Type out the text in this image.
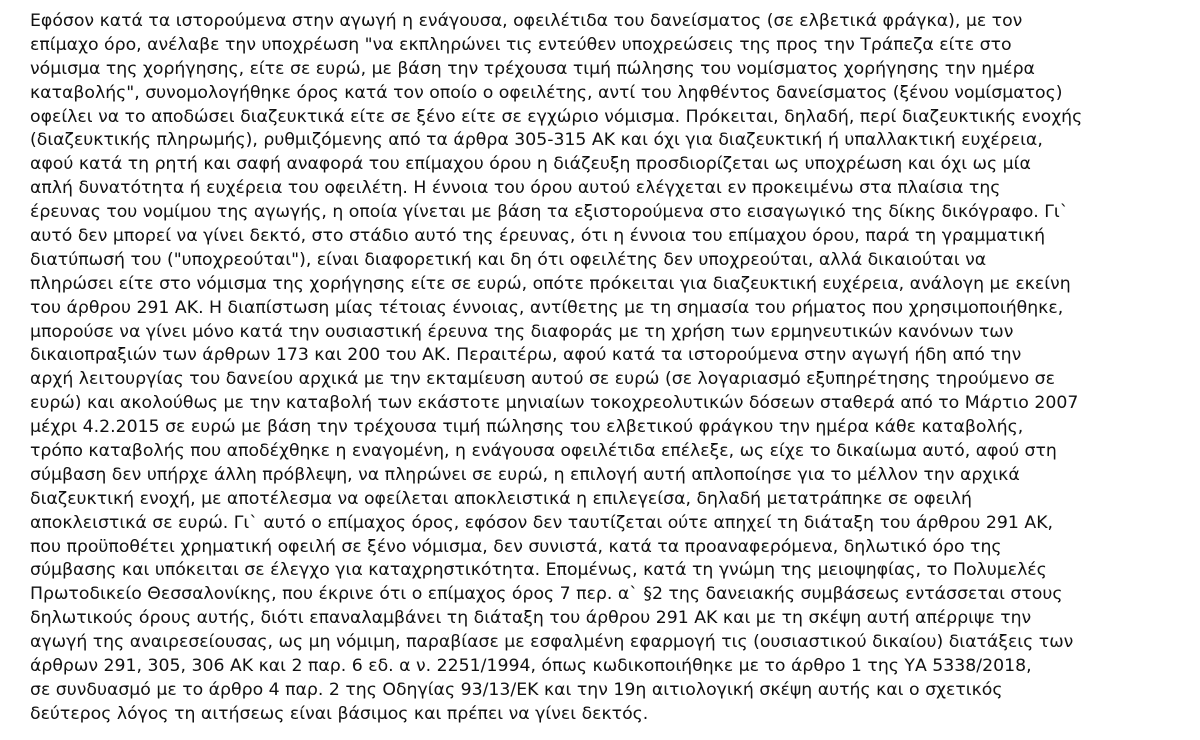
Εφόσον κατά τα ιστορούμενα στην αγωγή η ενάγουσα, οφειλέτιδα του δανείσματος (σε ελβετικά φράγκα), με τον
επίμαχο όρο, ανέλαβε την υποχρέωση "να εκπληρώνει τις εντεύθεν υποχρεώσεις της προς την Τράπεζα είτε στο
νόμισμα της χορήγησης, είτε σε ευρώ, με βάση την τρέχουσα τιμή πώλησης του νομίσματος χορήγησης την ημέρα
καταβολής", συνομολογήθηκε όρος κατά τον οποίο ο οφειλέτης, αντί του ληφθέντος δανείσματος (ξένου νομίσματος)
οφείλει να το αποδώσει διαζευκτικά είτε σε ξένο είτε σε εγχώριο νόμισμα. Πρόκειται, δηλαδή, περί διαζευκτικής ενοχής
(διαζευκτικής πληρωμής), ρυθμιζόμενης από τα άρθρα 305-315 ΑΚ και όχι για διαζευκτική ή υπαλλακτική ευχέρεια,
αφού κατά τη ρητή και σαφή αναφορά του επίμαχου όρου η διάζευξη προσδιορίζεται ως υποχρέωση και όχι ως μία
απλή δυνατότητα ή ευχέρεια του οφειλέτη. Η έννοια του όρου αυτού ελέγχεται εν προκειμένω στα πλαίσια της
έρευνας του νομίμου της αγωγής, η οποία γίνεται με βάση τα εξιστορούμενα στο εισαγωγικό της δίκης δικόγραφο. Γι`
αυτό δεν μπορεί να γίνει δεκτό, στο στάδιο αυτό της έρευνας, ότι η έννοια του επίμαχου όρου, παρά τη γραμματική
διατύπωσή του ("υποχρεούται"), είναι διαφορετική και δη ότι οφειλέτης δεν υποχρεούται, αλλά δικαιούται να
πληρώσει είτε στο νόμισμα της χορήγησης είτε σε ευρώ, οπότε πρόκειται για διαζευκτική ευχέρεια, ανάλογη με εκείνη
του άρθρου 291 ΑΚ. Η διαπίστωση μίας τέτοιας έννοιας, αντίθετης με τη σημασία του ρήματος που χρησιμοποιήθηκε,
μπορούσε να γίνει μόνο κατά την ουσιαστική έρευνα της διαφοράς με τη χρήση των ερμηνευτικών κανόνων των
δικαιοπραξιών των άρθρων 173 και 200 του ΑΚ. Περαιτέρω, αφού κατά τα ιστορούμενα στην αγωγή ήδη από την
αρχή λειτουργίας του δανείου αρχικά με την εκταμίευση αυτού σε ευρώ (σε λογαριασμό εξυπηρέτησης τηρούμενο σε
ευρώ) και ακολούθως με την καταβολή των εκάστοτε μηνιαίων τοκοχρεολυτικών δόσεων σταθερά από το Μάρτιο 2007
μέχρι 4.2.2015 σε ευρώ με βάση την τρέχουσα τιμή πώλησης του ελβετικού φράγκου την ημέρα κάθε καταβολής,
τρόπο καταβολής που αποδέχθηκε η εναγομένη, η ενάγουσα οφειλέτιδα επέλεξε, ως είχε το δικαίωμα αυτό, αφού στη
σύμβαση δεν υπήρχε άλλη πρόβλεψη, να πληρώνει σε ευρώ, η επιλογή αυτή απλοποίησε για το μέλλον την αρχικά
διαζευκτική ενοχή, με αποτέλεσμα να οφείλεται αποκλειστικά η επιλεγείσα, δηλαδή μετατράπηκε σε οφειλή
αποκλειστικά σε ευρώ. Γι` αυτό ο επίμαχος όρος, εφόσον δεν ταυτίζεται ούτε απηχεί τη διάταξη του άρθρου 291 ΑΚ,
που προϋποθέτει χρηματική οφειλή σε ξένο νόμισμα, δεν συνιστά, κατά τα προαναφερόμενα, δηλωτικό όρο της
σύμβασης και υπόκειται σε έλεγχο για καταχρηστικότητα. Επομένως, κατά τη γνώμη της μειοψηφίας, το Πολυμελές
Πρωτοδικείο Θεσσαλονίκης, που έκρινε ότι ο επίμαχος όρος 7 περ. α` §2 της δανειακής συμβάσεως εντάσσεται στους
δηλωτικούς όρους αυτής, διότι επαναλαμβάνει τη διάταξη του άρθρου 291 ΑΚ και με τη σκέψη αυτή απέρριψε την
αγωγή της αναιρεσείουσας, ως μη νόμιμη, παραβίασε με εσφαλμένη εφαρμογή τις (ουσιαστικού δικαίου) διατάξεις των
άρθρων 291, 305, 306 ΑΚ και 2 παρ. 6 εδ. α ν. 2251/1994, όπως κωδικοποιήθηκε με το άρθρο 1 της ΥΑ 5338/2018,
σε συνδυασμό με το άρθρο 4 παρ. 2 της Οδηγίας 93/13/ΕΚ και την 19η αιτιολογική σκέψη αυτής και ο σχετικός
δεύτερος λόγος τη αιτήσεως είναι βάσιμος και πρέπει να γίνει δεκτός.
